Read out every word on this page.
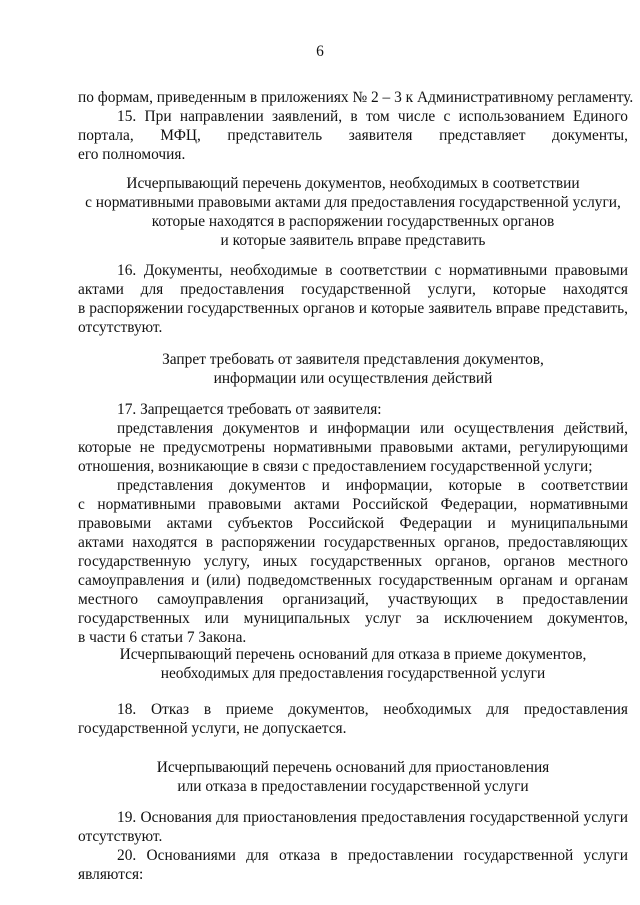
6
по формам, приведенным в приложениях № 2 – 3 к Административному регламенту.
15. При направлении заявлений, в том числе с использованием Единого
портала, МФЦ, представитель заявителя представляет документы,
его полномочия.
Исчерпывающий перечень документов, необходимых в соответствии
с нормативными правовыми актами для предоставления государственной услуги,
которые находятся в распоряжении государственных органов
и которые заявитель вправе представить
16. Документы, необходимые в соответствии с нормативными правовыми
актами для предоставления государственной услуги, которые находятся
в распоряжении государственных органов и которые заявитель вправе представить,
отсутствуют.
Запрет требовать от заявителя представления документов,
информации или осуществления действий
17. Запрещается требовать от заявителя:
представления документов и информации или осуществления действий,
которые не предусмотрены нормативными правовыми актами, регулирующими
отношения, возникающие в связи с предоставлением государственной услуги;
представления документов и информации, которые в соответствии
с нормативными правовыми актами Российской Федерации, нормативными
правовыми актами субъектов Российской Федерации и муниципальными
актами находятся в распоряжении государственных органов, предоставляющих
государственную услугу, иных государственных органов, органов местного
самоуправления и (или) подведомственных государственным органам и органам
местного самоуправления организаций, участвующих в предоставлении
государственных или муниципальных услуг за исключением документов,
в части 6 статьи 7 Закона.
Исчерпывающий перечень оснований для отказа в приеме документов,
необходимых для предоставления государственной услуги
18. Отказ в приеме документов, необходимых для предоставления
государственной услуги, не допускается.
Исчерпывающий перечень оснований для приостановления
или отказа в предоставлении государственной услуги
19. Основания для приостановления предоставления государственной услуги
отсутствуют.
20. Основаниями для отказа в предоставлении государственной услуги
являются:
